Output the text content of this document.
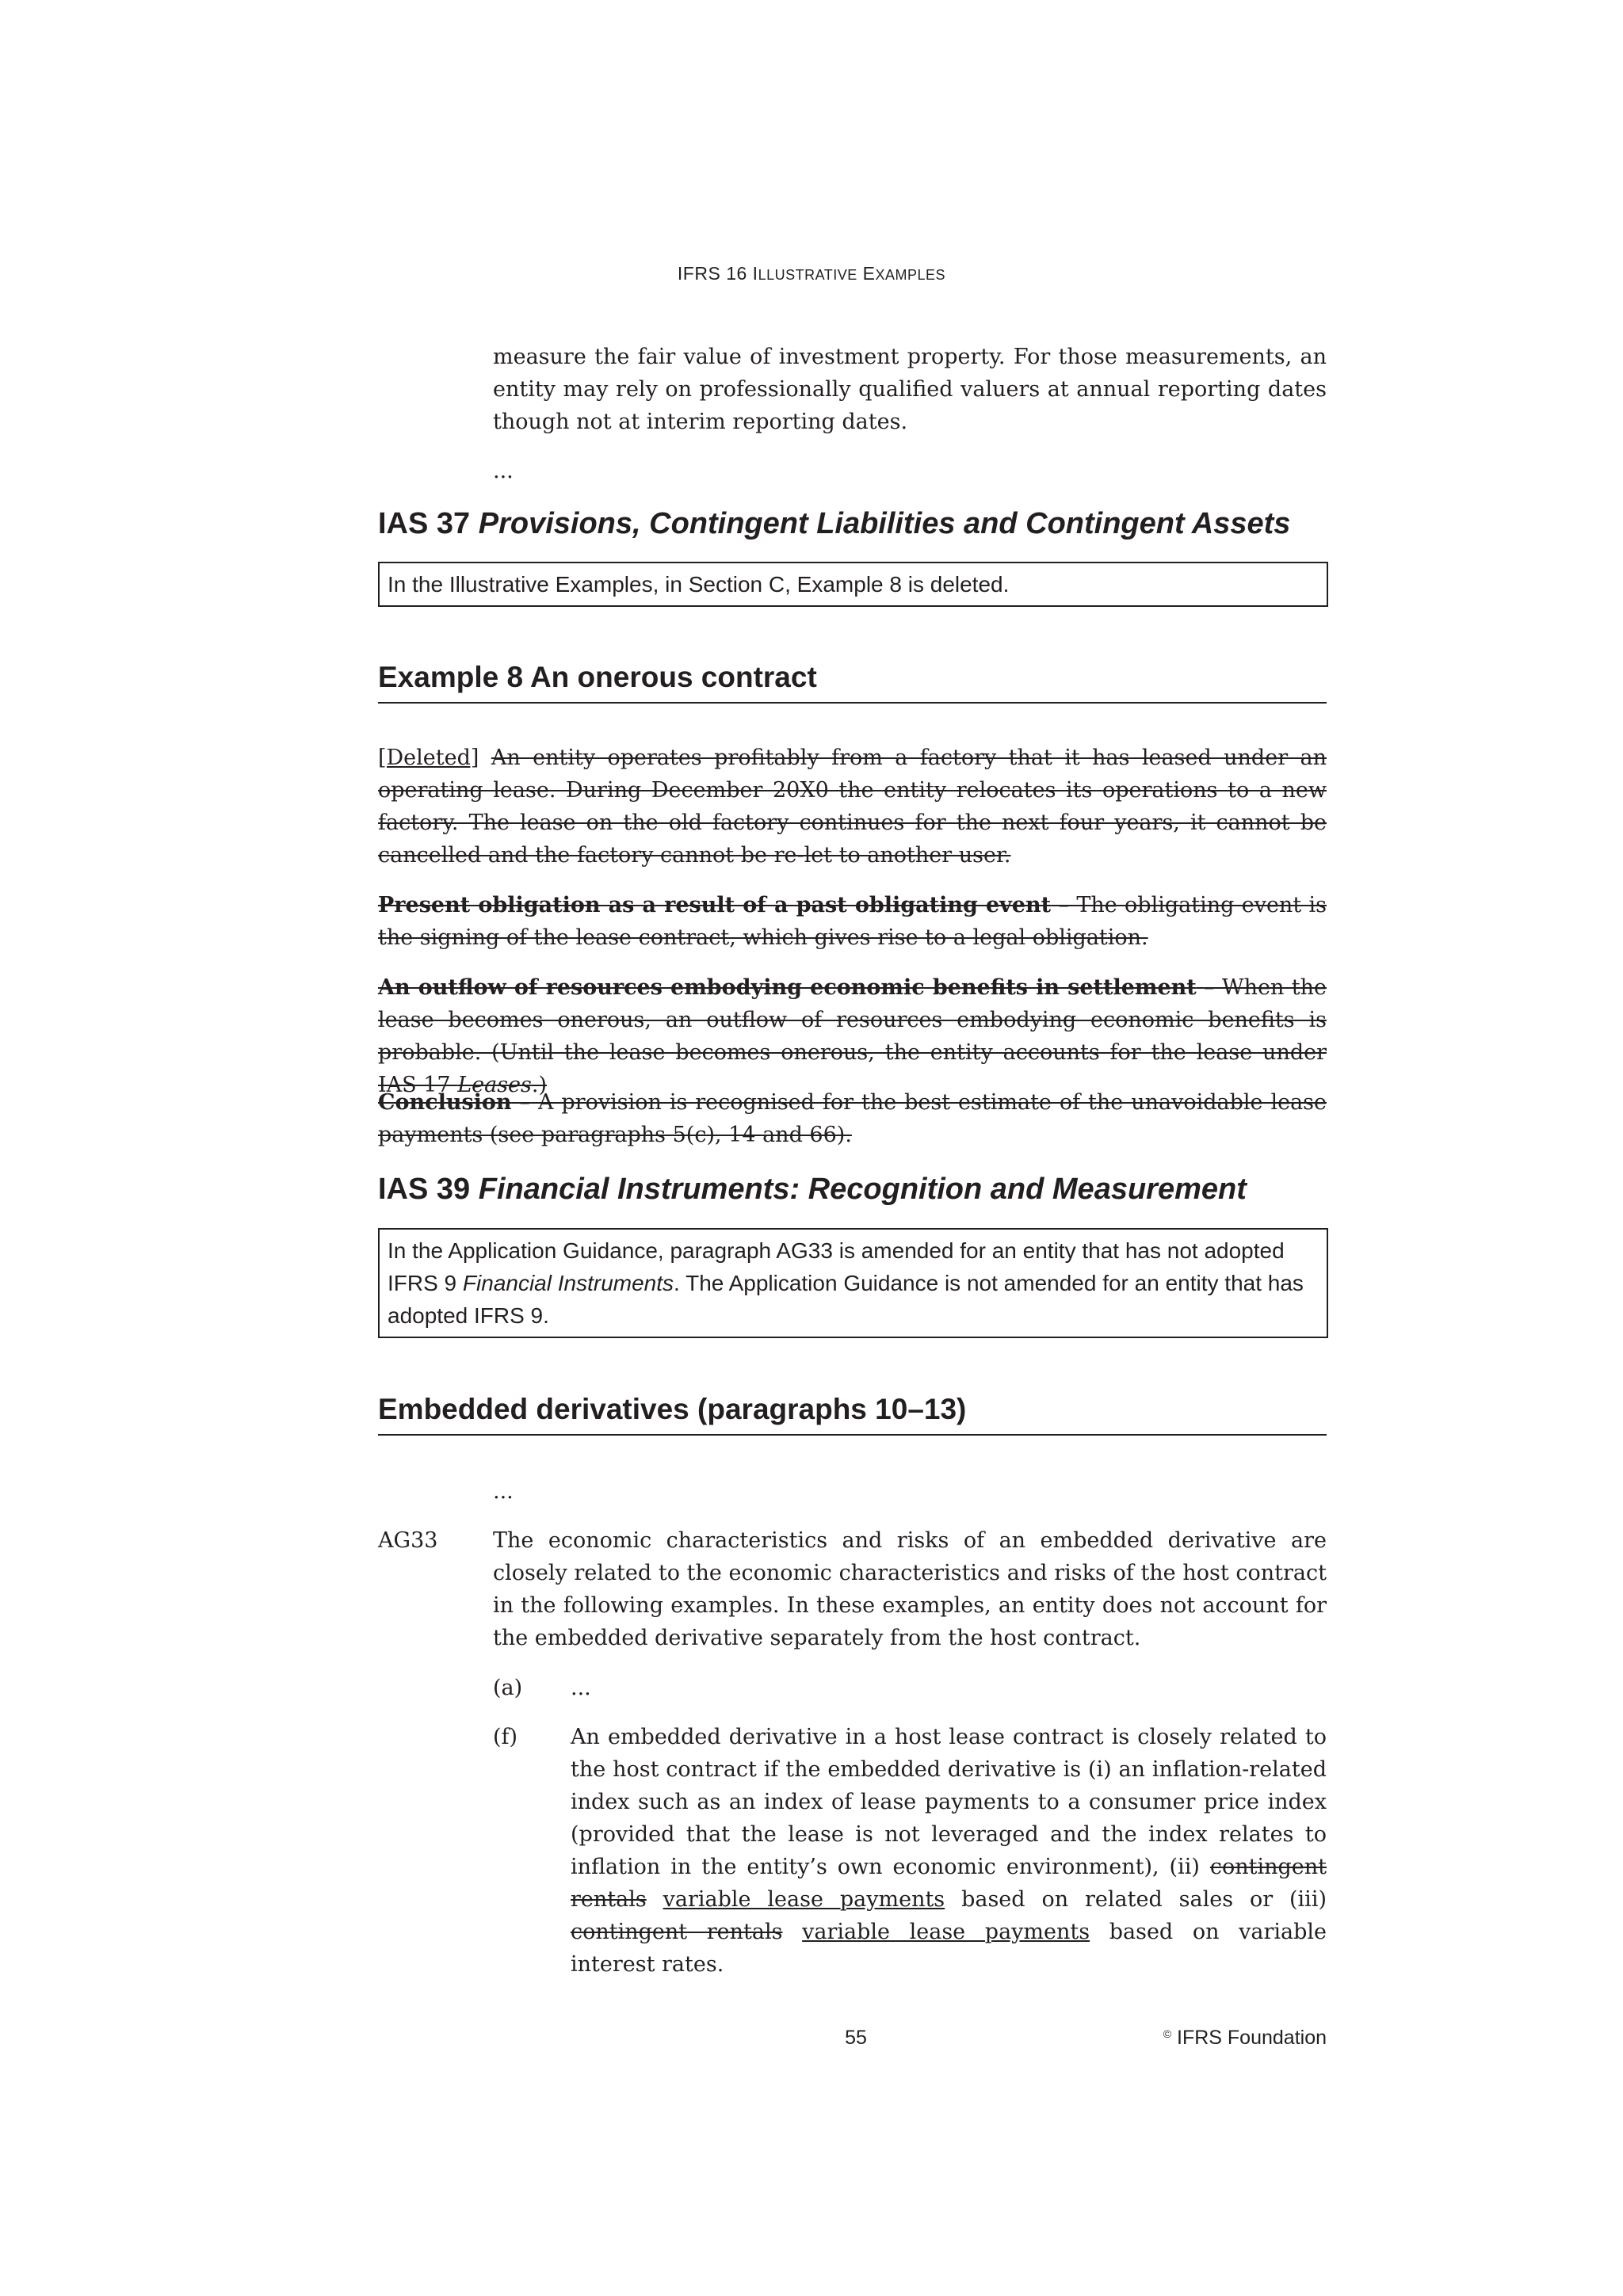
IFRS 16 ILLUSTRATIVE EXAMPLES
measure the fair value of investment property. For those measurements, an entity may rely on professionally qualified valuers at annual reporting dates though not at interim reporting dates.
...
IAS 37 Provisions, Contingent Liabilities and Contingent Assets
In the Illustrative Examples, in Section C, Example 8 is deleted.
Example 8 An onerous contract
[Deleted] An entity operates profitably from a factory that it has leased under an operating lease. During December 20X0 the entity relocates its operations to a new factory. The lease on the old factory continues for the next four years, it cannot be cancelled and the factory cannot be re-let to another user.
Present obligation as a result of a past obligating event – The obligating event is the signing of the lease contract, which gives rise to a legal obligation.
An outflow of resources embodying economic benefits in settlement – When the lease becomes onerous, an outflow of resources embodying economic benefits is probable. (Until the lease becomes onerous, the entity accounts for the lease under IAS 17 Leases.)
Conclusion – A provision is recognised for the best estimate of the unavoidable lease payments (see paragraphs 5(c), 14 and 66).
IAS 39 Financial Instruments: Recognition and Measurement
In the Application Guidance, paragraph AG33 is amended for an entity that has not adopted IFRS 9 Financial Instruments. The Application Guidance is not amended for an entity that has adopted IFRS 9.
Embedded derivatives (paragraphs 10–13)
...
AG33	The economic characteristics and risks of an embedded derivative are closely related to the economic characteristics and risks of the host contract in the following examples. In these examples, an entity does not account for the embedded derivative separately from the host contract.
(a) ...
(f) An embedded derivative in a host lease contract is closely related to the host contract if the embedded derivative is (i) an inflation-related index such as an index of lease payments to a consumer price index (provided that the lease is not leveraged and the index relates to inflation in the entity’s own economic environment), (ii) contingent rentals variable lease payments based on related sales or (iii) contingent rentals variable lease payments based on variable interest rates.
55	© IFRS Foundation
